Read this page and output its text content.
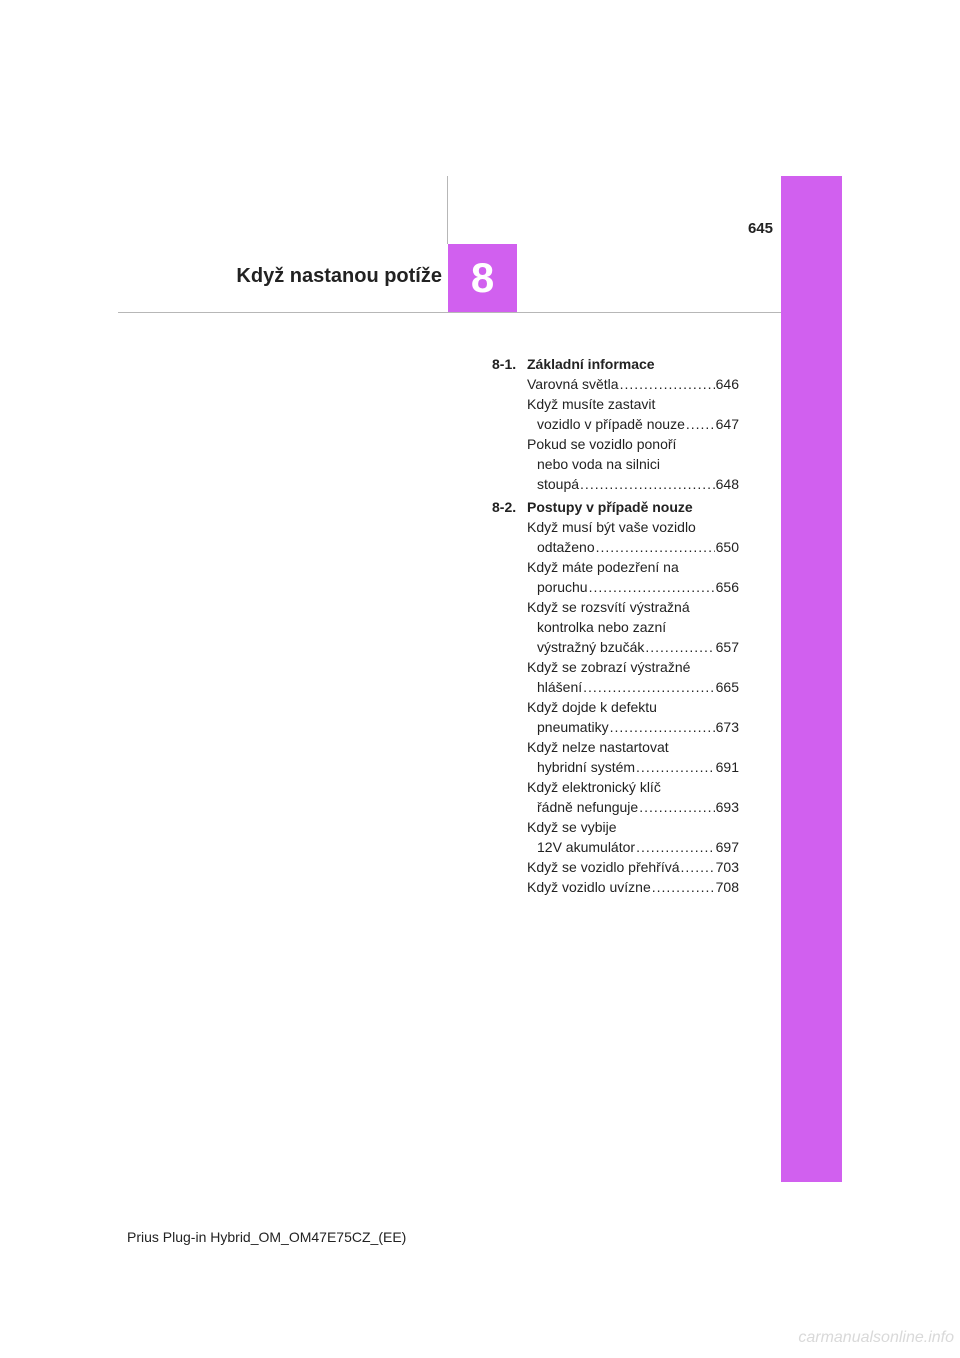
645
Když nastanou potíže 8
8-1. Základní informace
Varovná světla .....	646
Když musíte zastavit
vozidlo v případě nouze ..... 647
Pokud se vozidlo ponoří
nebo voda na silnici
stoupá .....	648
8-2. Postupy v případě nouze
Když musí být vaše vozidlo
odtaženo .....	650
Když máte podezření na
poruchu .....	656
Když se rozsvítí výstražná
kontrolka nebo zazní
výstražný bzučák .....	657
Když se zobrazí výstražné
hlášení .....	665
Když dojde k defektu
pneumatiky .....	673
Když nelze nastartovat
hybridní systém .....	691
Když elektronický klíč
řádně nefunguje .....	693
Když se vybije
12V akumulátor .....	697
Když se vozidlo přehřívá .....	703
Když vozidlo uvízne .....	708
Prius Plug-in Hybrid_OM_OM47E75CZ_(EE)
carmanualsonline.info
